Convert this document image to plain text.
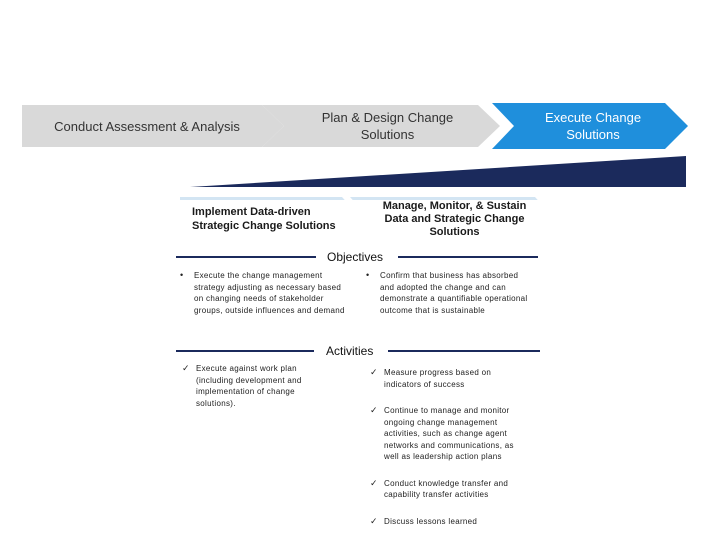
Conduct Assessment & Analysis
Plan & Design Change Solutions
Execute Change Solutions
Implement Data-driven Strategic Change Solutions
Manage, Monitor, & Sustain Data and Strategic Change Solutions
Objectives
• Execute the change management strategy adjusting as necessary based on changing needs of stakeholder groups, outside influences and demand
• Confirm that business has absorbed and adopted the change and can demonstrate a quantifiable operational outcome that is sustainable
Activities
✓ Execute against work plan (including development and implementation of change solutions).
✓ Measure progress based on indicators of success
✓ Continue to manage and monitor ongoing change management activities, such as change agent networks and communications, as well as leadership action plans
✓ Conduct knowledge transfer and capability transfer activities
✓ Discuss lessons learned
